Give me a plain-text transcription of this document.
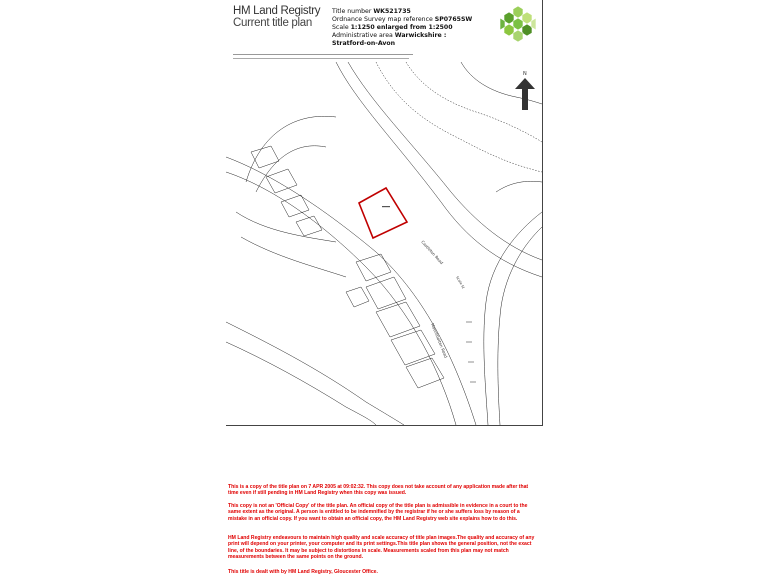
HM Land Registry
Current title plan
Title number WK521735
Ordnance Survey map reference SP0765SW
Scale 1:1250 enlarged from 1:2500
Administrative area Warwickshire :
Stratford-on-Avon
Castleton Road
Mountbatten Road
Scale St
N
This is a copy of the title plan on 7 APR 2005 at 09:02:32. This copy does not take account of any application made after that time even if still pending in HM Land Registry when this copy was issued.
This copy is not an 'Official Copy' of the title plan. An official copy of the title plan is admissible in evidence in a court to the same extent as the original. A person is entitled to be indemnified by the registrar if he or she suffers loss by reason of a mistake in an official copy. If you want to obtain an official copy, the HM Land Registry web site explains how to do this.
HM Land Registry endeavours to maintain high quality and scale accuracy of title plan images.The quality and accuracy of any print will depend on your printer, your computer and its print settings.This title plan shows the general position, not the exact line, of the boundaries. It may be subject to distortions in scale. Measurements scaled from this plan may not match measurements between the same points on the ground.
This title is dealt with by HM Land Registry, Gloucester Office.
